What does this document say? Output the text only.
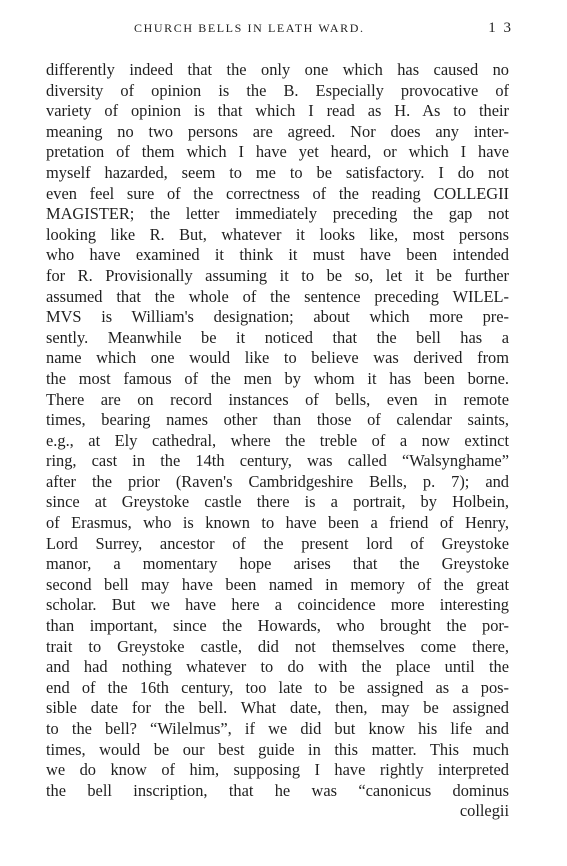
CHURCH BELLS IN LEATH WARD.	1 3
differently indeed that the only one which has caused no
diversity of opinion is the B. Especially provocative of
variety of opinion is that which I read as H. As to their
meaning no two persons are agreed. Nor does any inter-
pretation of them which I have yet heard, or which I have
myself hazarded, seem to me to be satisfactory. I do not
even feel sure of the correctness of the reading COLLEGII
MAGISTER; the letter immediately preceding the gap not
looking like R. But, whatever it looks like, most persons
who have examined it think it must have been intended
for R. Provisionally assuming it to be so, let it be further
assumed that the whole of the sentence preceding WILEL-
MVS is William's designation; about which more pre-
sently. Meanwhile be it noticed that the bell has a
name which one would like to believe was derived from
the most famous of the men by whom it has been borne.
There are on record instances of bells, even in remote
times, bearing names other than those of calendar saints,
e.g., at Ely cathedral, where the treble of a now extinct
ring, cast in the 14th century, was called “Walsynghame”
after the prior (Raven's Cambridgeshire Bells, p. 7); and
since at Greystoke castle there is a portrait, by Holbein,
of Erasmus, who is known to have been a friend of Henry,
Lord Surrey, ancestor of the present lord of Greystoke
manor, a momentary hope arises that the Greystoke
second bell may have been named in memory of the great
scholar. But we have here a coincidence more interesting
than important, since the Howards, who brought the por-
trait to Greystoke castle, did not themselves come there,
and had nothing whatever to do with the place until the
end of the 16th century, too late to be assigned as a pos-
sible date for the bell. What date, then, may be assigned
to the bell? “Wilelmus”, if we did but know his life and
times, would be our best guide in this matter. This much
we do know of him, supposing I have rightly interpreted
the bell inscription, that he was “canonicus dominus
collegii
